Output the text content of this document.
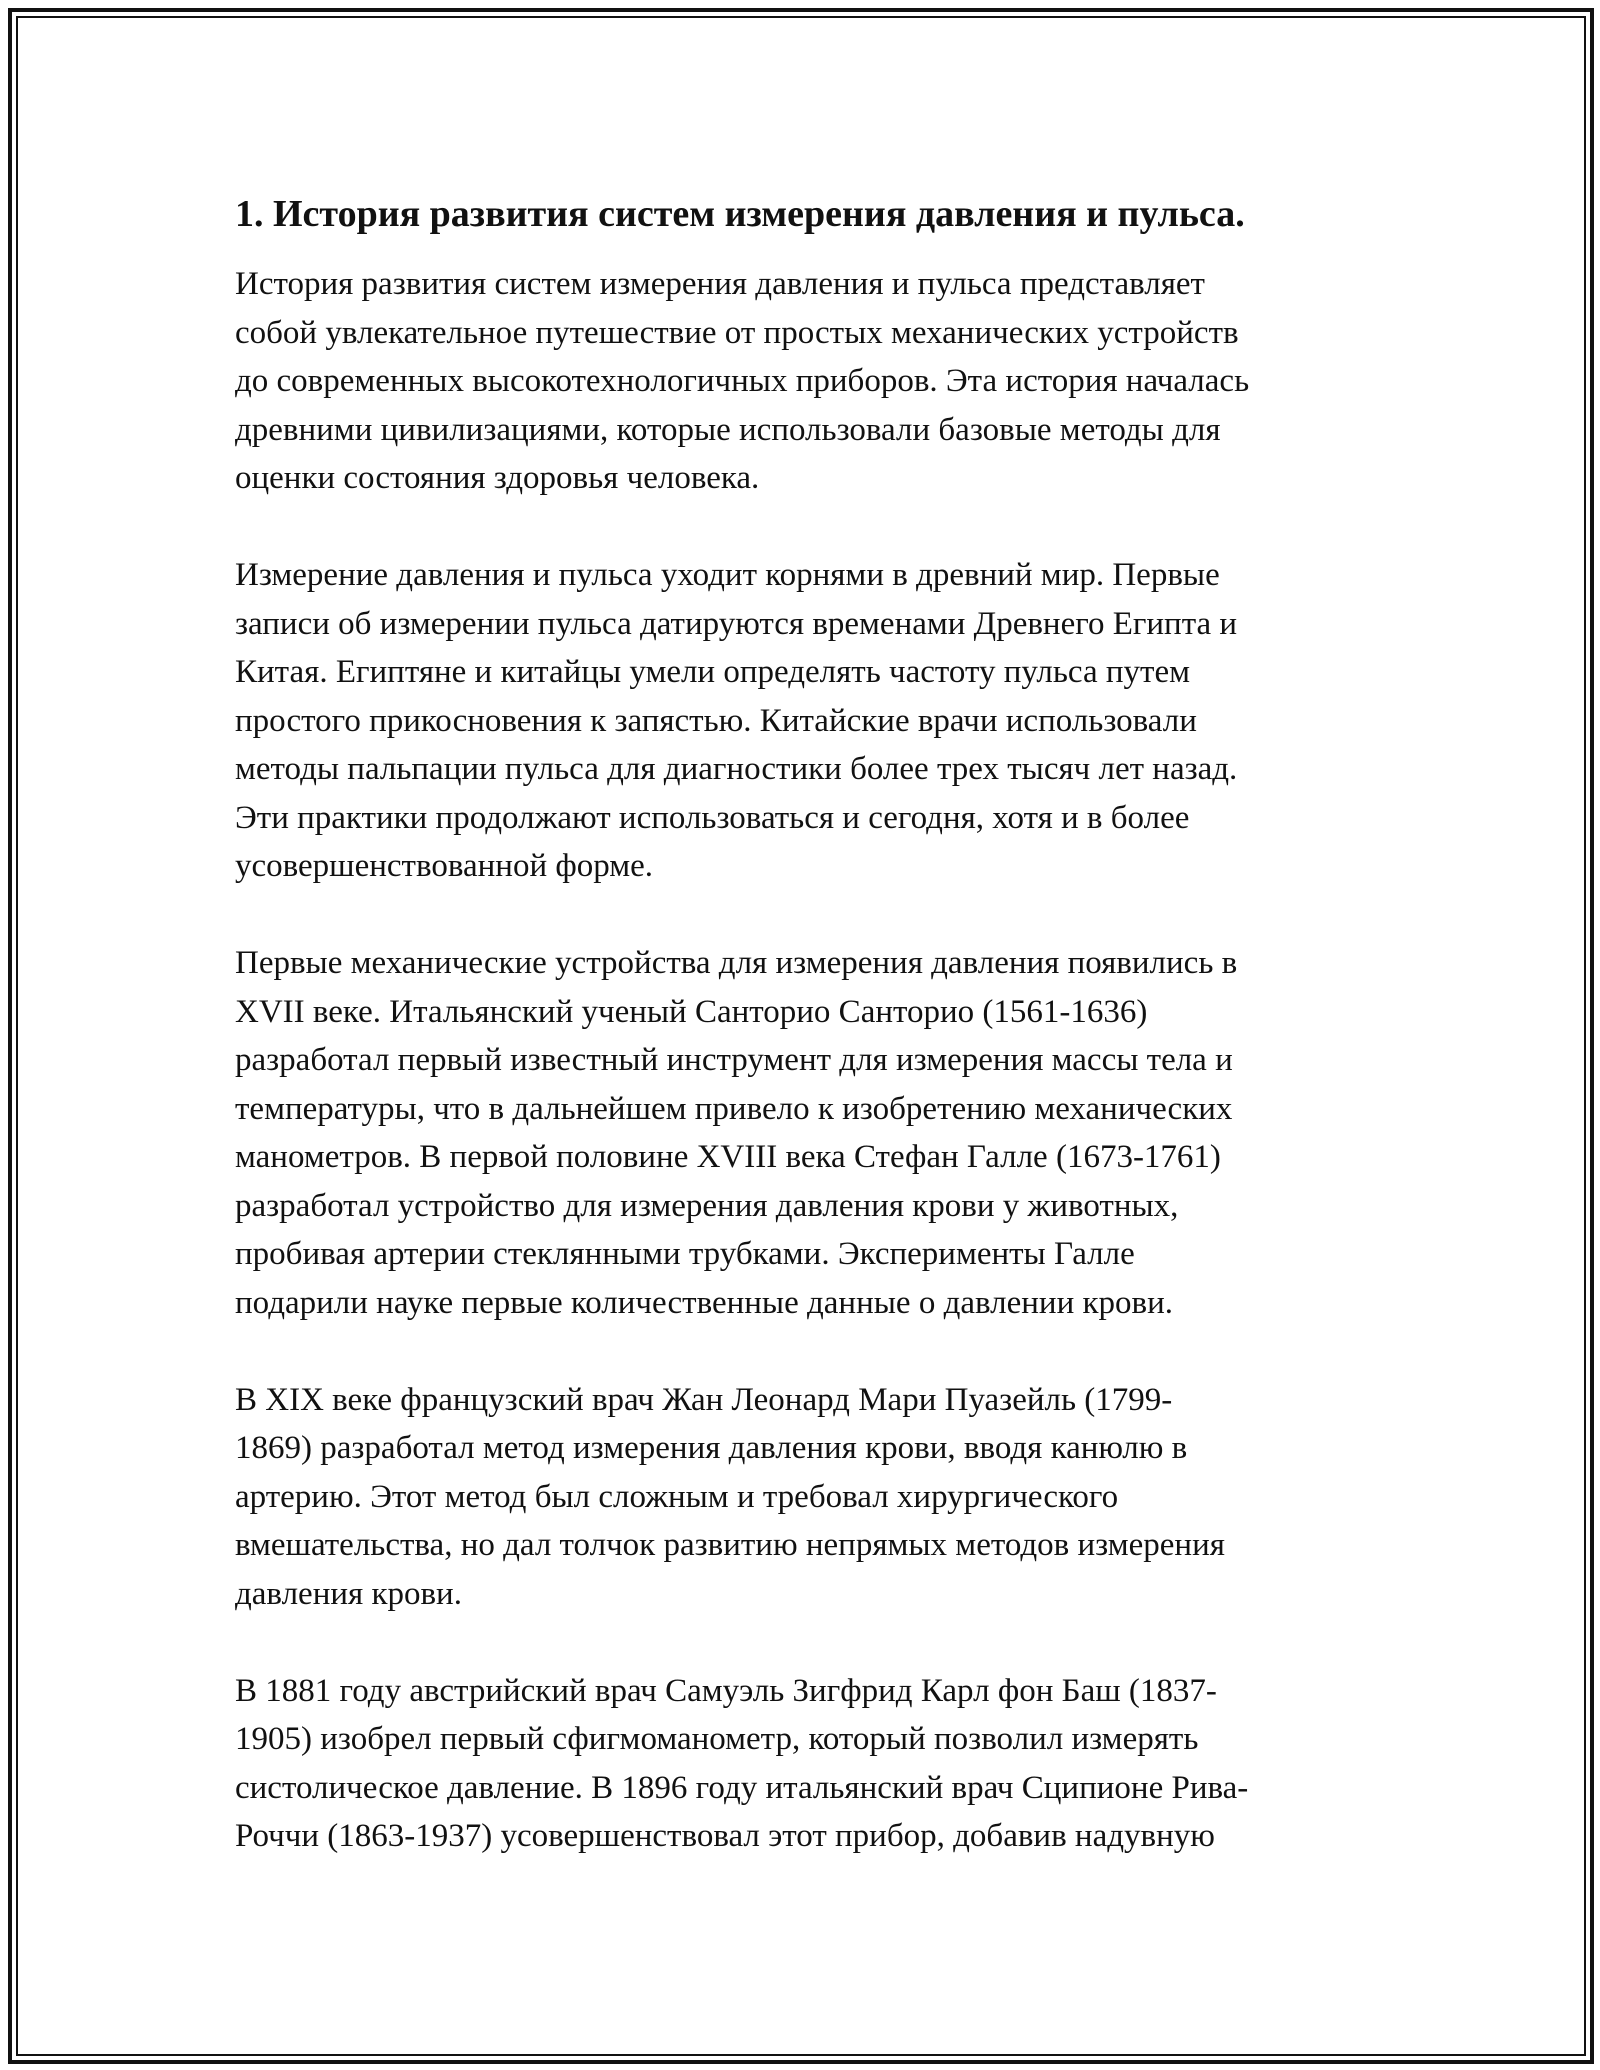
1. История развития систем измерения давления и пульса.
История развития систем измерения давления и пульса представляет
собой увлекательное путешествие от простых механических устройств
до современных высокотехнологичных приборов. Эта история началась
древними цивилизациями, которые использовали базовые методы для
оценки состояния здоровья человека.
Измерение давления и пульса уходит корнями в древний мир. Первые
записи об измерении пульса датируются временами Древнего Египта и
Китая. Египтяне и китайцы умели определять частоту пульса путем
простого прикосновения к запястью. Китайские врачи использовали
методы пальпации пульса для диагностики более трех тысяч лет назад.
Эти практики продолжают использоваться и сегодня, хотя и в более
усовершенствованной форме.
Первые механические устройства для измерения давления появились в
XVII веке. Итальянский ученый Санторио Санторио (1561-1636)
разработал первый известный инструмент для измерения массы тела и
температуры, что в дальнейшем привело к изобретению механических
манометров. В первой половине XVIII века Стефан Галле (1673-1761)
разработал устройство для измерения давления крови у животных,
пробивая артерии стеклянными трубками. Эксперименты Галле
подарили науке первые количественные данные о давлении крови.
В XIX веке французский врач Жан Леонард Мари Пуазейль (1799-
1869) разработал метод измерения давления крови, вводя канюлю в
артерию. Этот метод был сложным и требовал хирургического
вмешательства, но дал толчок развитию непрямых методов измерения
давления крови.
В 1881 году австрийский врач Самуэль Зигфрид Карл фон Баш (1837-
1905) изобрел первый сфигмоманометр, который позволил измерять
систолическое давление. В 1896 году итальянский врач Сципионе Рива-
Роччи (1863-1937) усовершенствовал этот прибор, добавив надувную
